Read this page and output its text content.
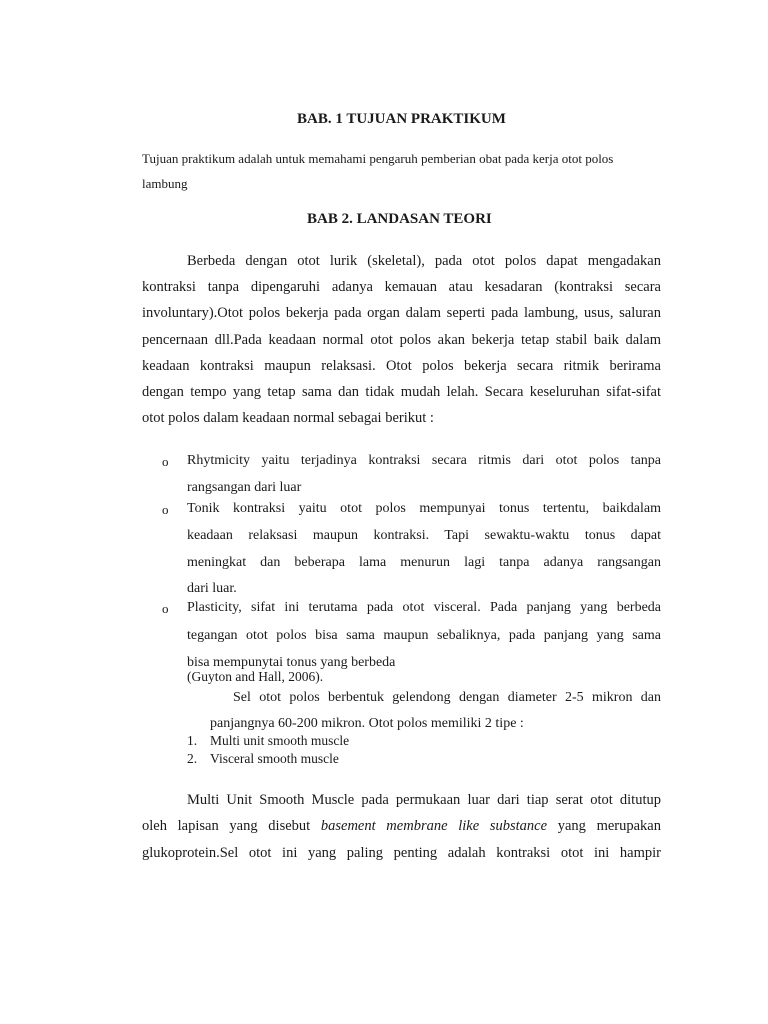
BAB. 1 TUJUAN PRAKTIKUM

Tujuan praktikum adalah untuk memahami pengaruh pemberian obat pada kerja otot polos

lambung

BAB 2. LANDASAN TEORI

Berbeda dengan otot lurik (skeletal), pada otot polos dapat mengadakan

kontraksi tanpa dipengaruhi adanya kemauan atau kesadaran (kontraksi secara

involuntary).Otot polos bekerja pada organ dalam seperti pada lambung, usus, saluran

pencernaan dll.Pada keadaan normal otot polos akan bekerja tetap stabil baik dalam

keadaan kontraksi maupun relaksasi. Otot polos bekerja secara ritmik berirama

dengan tempo yang tetap sama dan tidak mudah lelah. Secara keseluruhan sifat-sifat

otot polos dalam keadaan normal sebagai berikut :

o Rhytmicity yaitu terjadinya kontraksi secara ritmis dari otot polos tanpa

rangsangan dari luar

o Tonik kontraksi yaitu otot polos mempunyai tonus tertentu, baikdalam

keadaan relaksasi maupun kontraksi. Tapi sewaktu-waktu tonus dapat

meningkat dan beberapa lama menurun lagi tanpa adanya rangsangan

dari luar.

o Plasticity, sifat ini terutama pada otot visceral. Pada panjang yang berbeda

tegangan otot polos bisa sama maupun sebaliknya, pada panjang yang sama

bisa mempunytai tonus yang berbeda

(Guyton and Hall, 2006).

Sel otot polos berbentuk gelendong dengan diameter 2-5 mikron dan

panjangnya 60-200 mikron. Otot polos memiliki 2 tipe :

1. Multi unit smooth muscle
2. Visceral smooth muscle

Multi Unit Smooth Muscle pada permukaan luar dari tiap serat otot ditutup

oleh lapisan yang disebut basement membrane like substance yang merupakan

glukoprotein.Sel otot ini yang paling penting adalah kontraksi otot ini hampir
